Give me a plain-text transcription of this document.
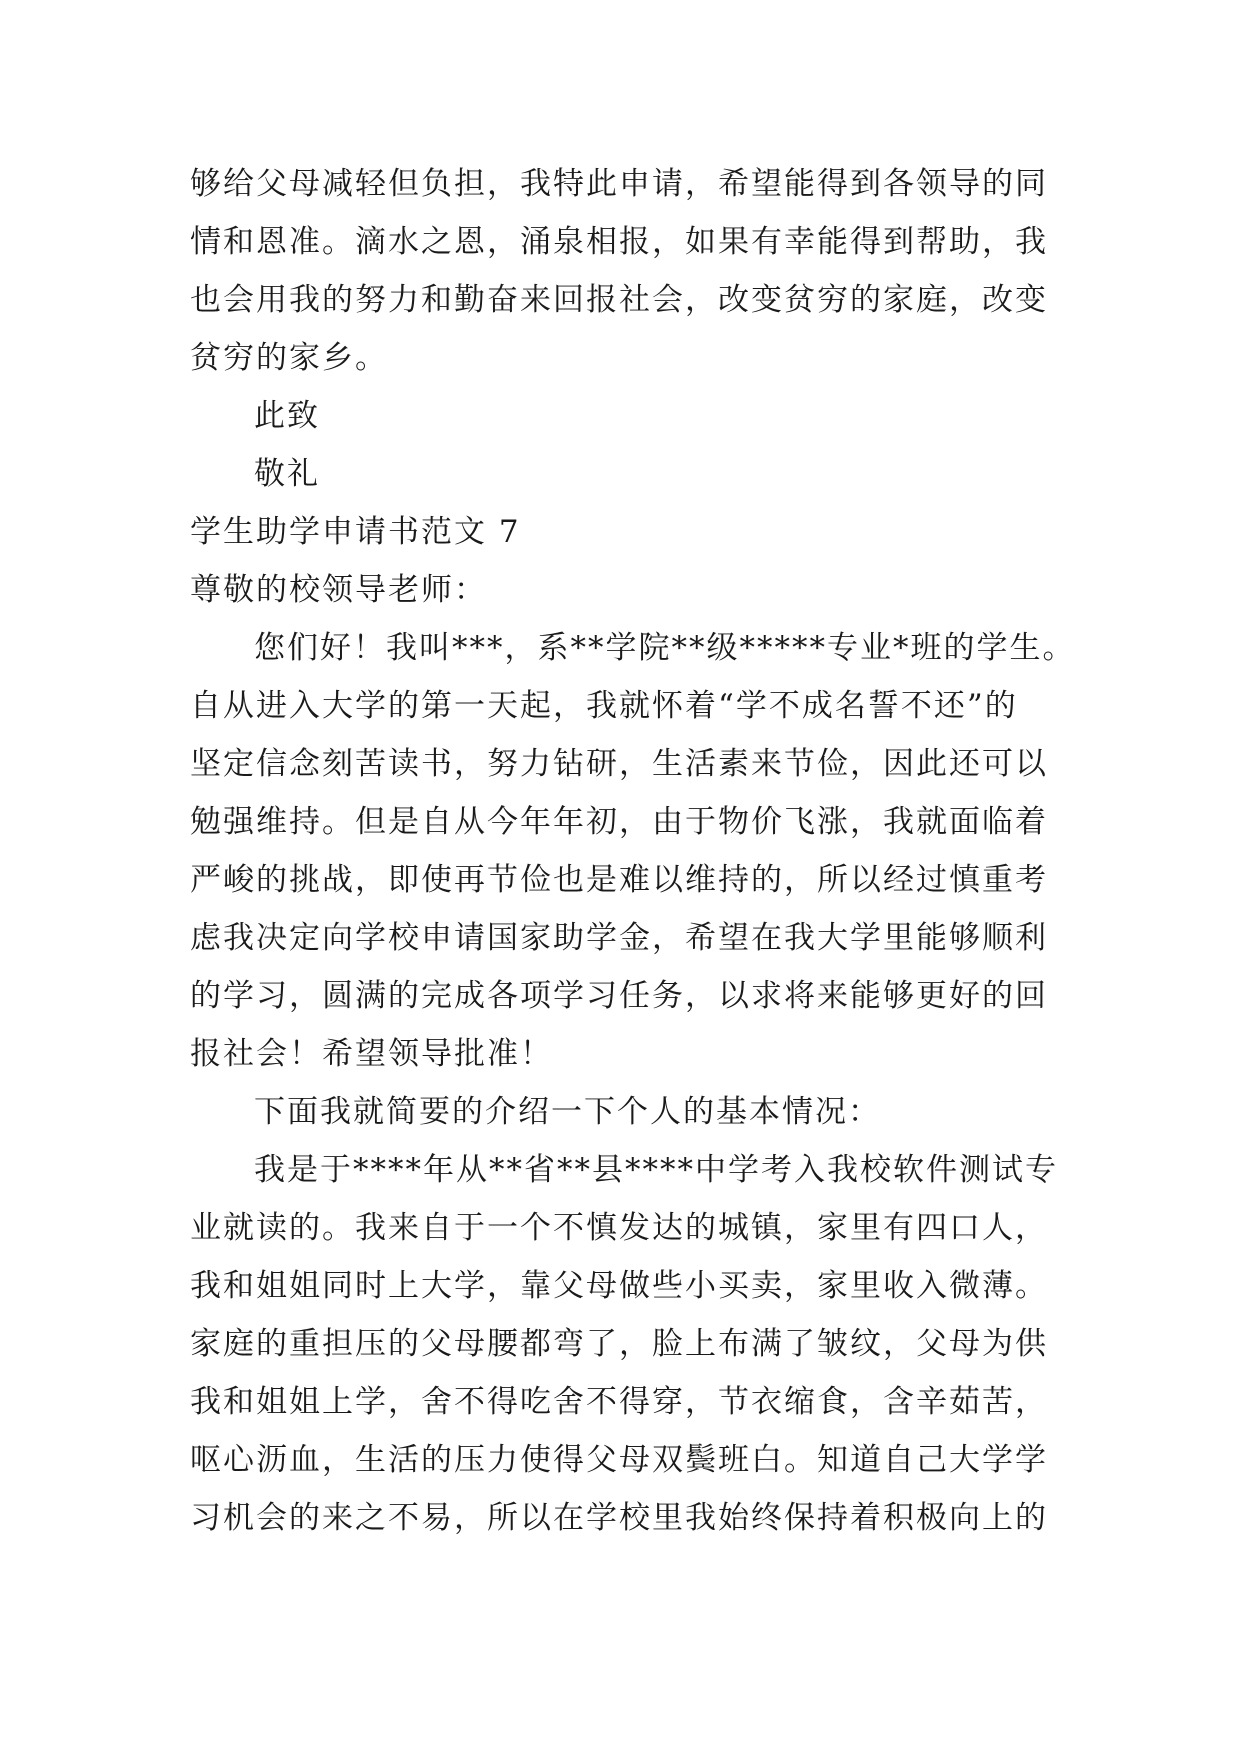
够给父母减轻但负担，我特此申请，希望能得到各领导的同
情和恩准。滴水之恩，涌泉相报，如果有幸能得到帮助，我
也会用我的努力和勤奋来回报社会，改变贫穷的家庭，改变
贫穷的家乡。
此致
敬礼
学生助学申请书范文 7
尊敬的校领导老师：
您们好！我叫***，系**学院**级*****专业*班的学生。
自从进入大学的第一天起，我就怀着“学不成名誓不还”的
坚定信念刻苦读书，努力钻研，生活素来节俭，因此还可以
勉强维持。但是自从今年年初，由于物价飞涨，我就面临着
严峻的挑战，即使再节俭也是难以维持的，所以经过慎重考
虑我决定向学校申请国家助学金，希望在我大学里能够顺利
的学习，圆满的完成各项学习任务，以求将来能够更好的回
报社会！希望领导批准！
下面我就简要的介绍一下个人的基本情况：
我是于****年从**省**县****中学考入我校软件测试专
业就读的。我来自于一个不慎发达的城镇，家里有四口人，
我和姐姐同时上大学，靠父母做些小买卖，家里收入微薄。
家庭的重担压的父母腰都弯了，脸上布满了皱纹，父母为供
我和姐姐上学，舍不得吃舍不得穿，节衣缩食，含辛茹苦，
呕心沥血，生活的压力使得父母双鬓班白。知道自己大学学
习机会的来之不易，所以在学校里我始终保持着积极向上的
